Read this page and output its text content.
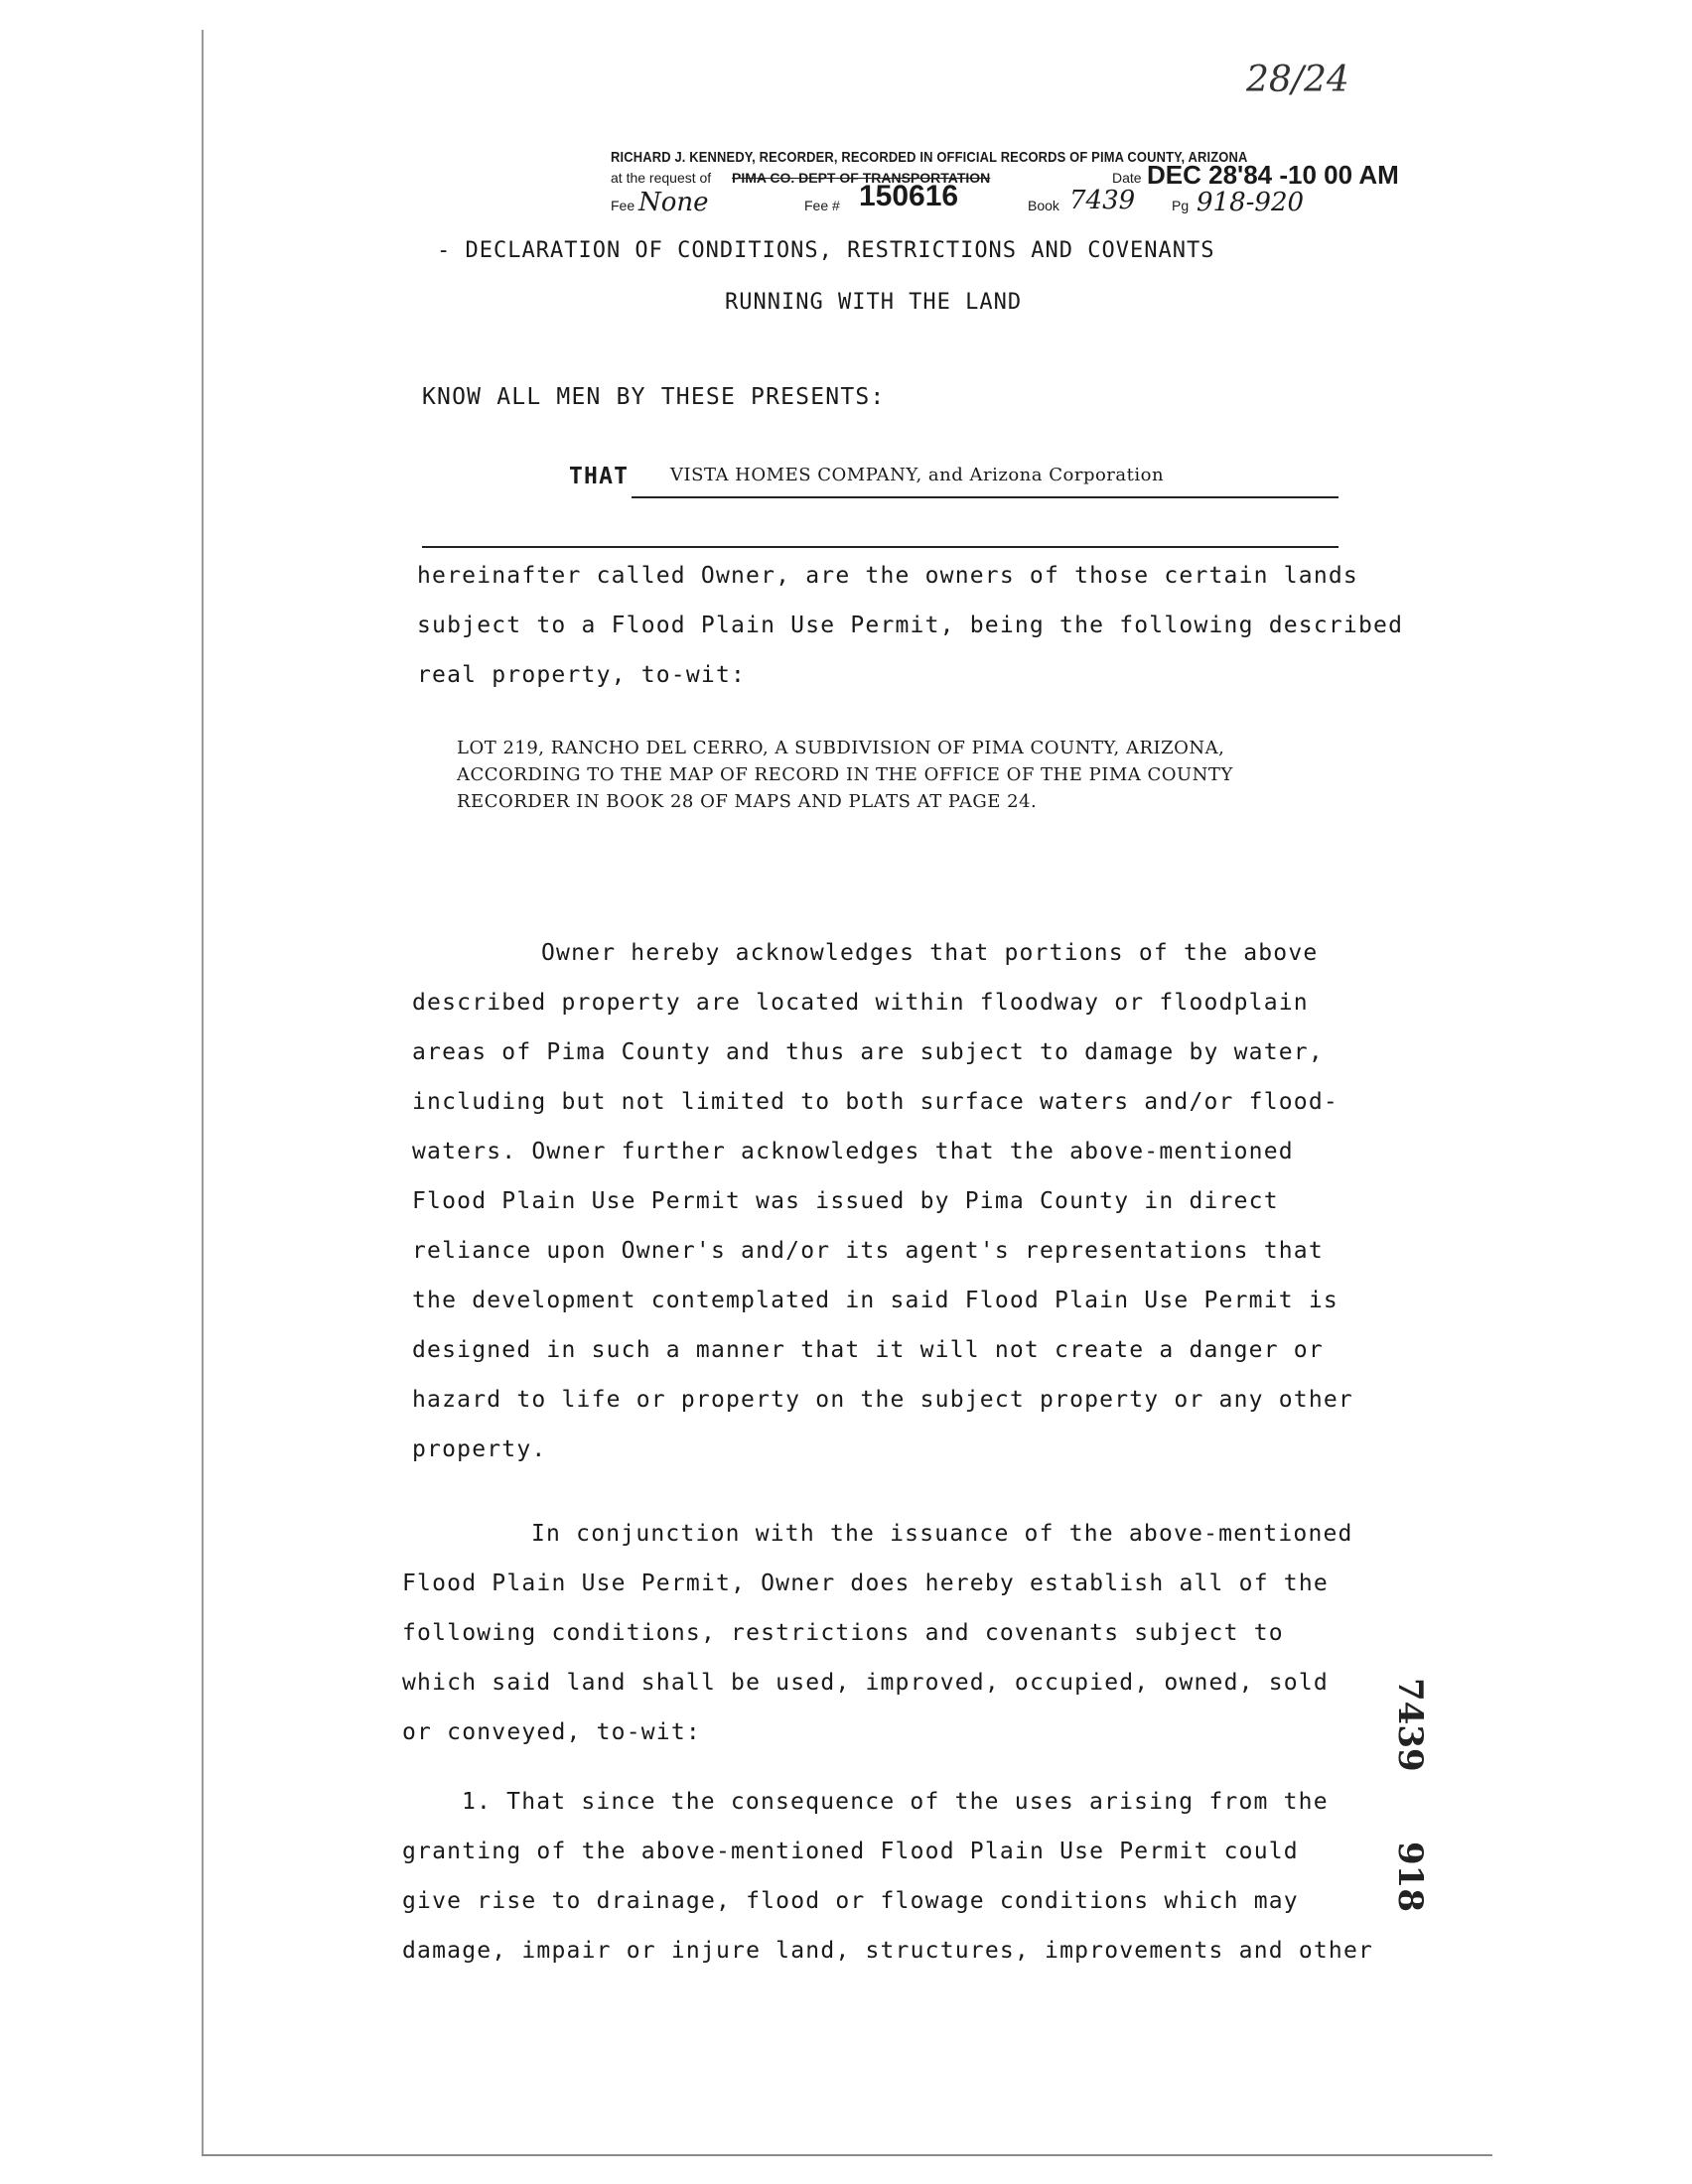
28/24
RICHARD J. KENNEDY, RECORDER, RECORDED IN OFFICIAL RECORDS OF PIMA COUNTY, ARIZONA
at the request of PIMA CO. DEPT OF TRANSPORTATION	Date DEC 28'84 -10 00 AM
Fee None	Fee # 150616	Book 7439	Pg 918-920
- DECLARATION OF CONDITIONS, RESTRICTIONS AND COVENANTS
RUNNING WITH THE LAND
KNOW ALL MEN BY THESE PRESENTS:
THAT VISTA HOMES COMPANY, and Arizona Corporation
hereinafter called Owner, are the owners of those certain lands
subject to a Flood Plain Use Permit, being the following described
real property, to-wit:
LOT 219, RANCHO DEL CERRO, A SUBDIVISION OF PIMA COUNTY, ARIZONA,
ACCORDING TO THE MAP OF RECORD IN THE OFFICE OF THE PIMA COUNTY
RECORDER IN BOOK 28 OF MAPS AND PLATS AT PAGE 24.
Owner hereby acknowledges that portions of the above
described property are located within floodway or floodplain
areas of Pima County and thus are subject to damage by water,
including but not limited to both surface waters and/or flood-
waters. Owner further acknowledges that the above-mentioned
Flood Plain Use Permit was issued by Pima County in direct
reliance upon Owner's and/or its agent's representations that
the development contemplated in said Flood Plain Use Permit is
designed in such a manner that it will not create a danger or
hazard to life or property on the subject property or any other
property.
In conjunction with the issuance of the above-mentioned
Flood Plain Use Permit, Owner does hereby establish all of the
following conditions, restrictions and covenants subject to
which said land shall be used, improved, occupied, owned, sold
or conveyed, to-wit:
1. That since the consequence of the uses arising from the
granting of the above-mentioned Flood Plain Use Permit could
give rise to drainage, flood or flowage conditions which may
damage, impair or injure land, structures, improvements and other
7439
918
